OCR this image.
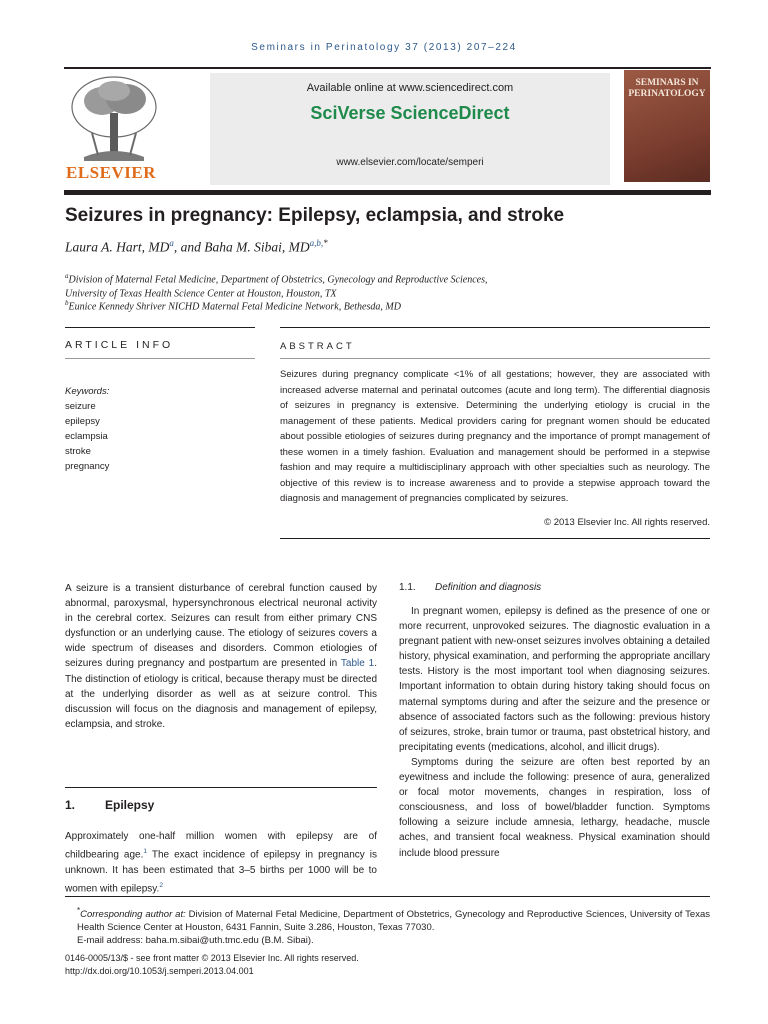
Seminars in Perinatology 37 (2013) 207–224
ELSEVIER
Available online at www.sciencedirect.com
SciVerse ScienceDirect
www.elsevier.com/locate/semperi
SEMINARS IN PERINATOLOGY
Seizures in pregnancy: Epilepsy, eclampsia, and stroke
Laura A. Hart, $MD^a$, and Baha M. Sibai, $MD^{a,b,*}$
$^a$Division of Maternal Fetal Medicine, Department of Obstetrics, Gynecology and Reproductive Sciences,
University of Texas Health Science Center at Houston, Houston, TX
$^b$Eunice Kennedy Shriver NICHD Maternal Fetal Medicine Network, Bethesda, MD
ARTICLE INFO	ABSTRACT
Keywords:
seizure
epilepsy
eclampsia
stroke
pregnancy
Seizures during pregnancy complicate <1% of all gestations; however, they are associated with increased adverse maternal and perinatal outcomes (acute and long term). The differential diagnosis of seizures in pregnancy is extensive. Determining the underlying etiology is crucial in the management of these patients. Medical providers caring for pregnant women should be educated about possible etiologies of seizures during pregnancy and the importance of prompt management of these women in a timely fashion. Evaluation and management should be performed in a stepwise fashion and may require a multidisciplinary approach with other specialties such as neurology. The objective of this review is to increase awareness and to provide a stepwise approach toward the diagnosis and management of pregnancies complicated by seizures.
© 2013 Elsevier Inc. All rights reserved.

A seizure is a transient disturbance of cerebral function caused by abnormal, paroxysmal, hypersynchronous electrical neuronal activity in the cerebral cortex. Seizures can result from either primary CNS dysfunction or an underlying cause. The etiology of seizures covers a wide spectrum of diseases and disorders. Common etiologies of seizures during pregnancy and postpartum are presented in Table 1. The distinction of etiology is critical, because therapy must be directed at the underlying disorder as well as at seizure control. This discussion will focus on the diagnosis and management of epilepsy, eclampsia, and stroke.

1. Epilepsy

Approximately one-half million women with epilepsy are of childbearing age.$^1$ The exact incidence of epilepsy in pregnancy is unknown. It has been estimated that 3–5 births per 1000 will be to women with epilepsy.$^2$

1.1. Definition and diagnosis

In pregnant women, epilepsy is defined as the presence of one or more recurrent, unprovoked seizures. The diagnostic evaluation in a pregnant patient with new-onset seizures involves obtaining a detailed history, physical examination, and performing the appropriate ancillary tests. History is the most important tool when diagnosing seizures. Important information to obtain during history taking should focus on maternal symptoms during and after the seizure and the presence or absence of associated factors such as the following: previous history of seizures, stroke, brain tumor or trauma, past obstetrical history, and precipitating events (medications, alcohol, and illicit drugs).

Symptoms during the seizure are often best reported by an eyewitness and include the following: presence of aura, generalized or focal motor movements, changes in respiration, loss of consciousness, and loss of bowel/bladder function. Symptoms following a seizure include amnesia, lethargy, headache, muscle aches, and transient focal weakness. Physical examination should include blood pressure

*Corresponding author at: Division of Maternal Fetal Medicine, Department of Obstetrics, Gynecology and Reproductive Sciences, University of Texas Health Science Center at Houston, 6431 Fannin, Suite 3.286, Houston, Texas 77030.
E-mail address: baha.m.sibai@uth.tmc.edu (B.M. Sibai).
0146-0005/13/$ - see front matter © 2013 Elsevier Inc. All rights reserved.
http://dx.doi.org/10.1053/j.semperi.2013.04.001
